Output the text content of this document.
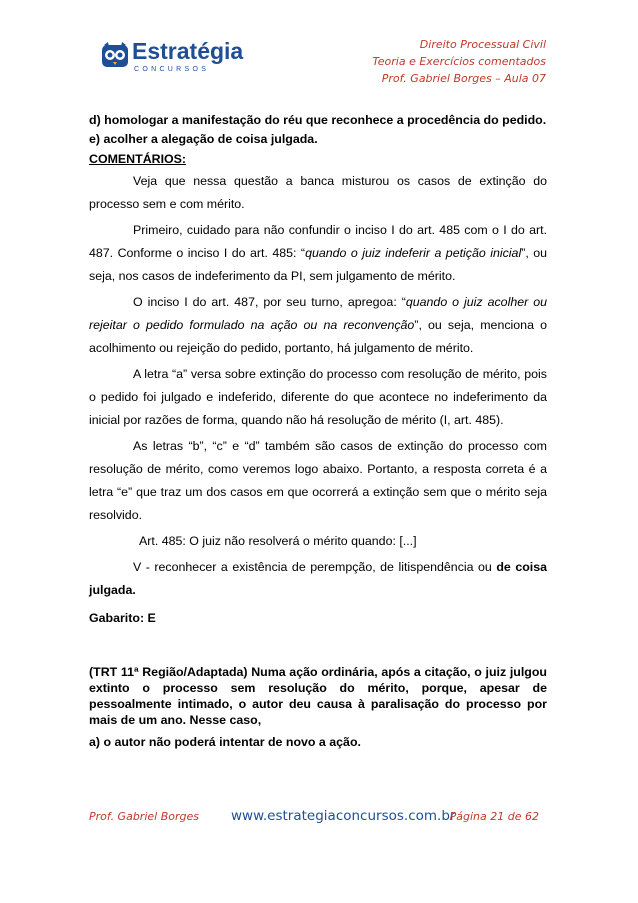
Estratégia
CONCURSOS
Direito Processual Civil
Teoria e Exercícios comentados
Prof. Gabriel Borges – Aula 07

d) homologar a manifestação do réu que reconhece a procedência do pedido.

e) acolher a alegação de coisa julgada.

COMENTÁRIOS:

Veja que nessa questão a banca misturou os casos de extinção do processo sem e com mérito.

Primeiro, cuidado para não confundir o inciso I do art. 485 com o I do art. 487. Conforme o inciso I do art. 485: “quando o juiz indeferir a petição inicial”, ou seja, nos casos de indeferimento da PI, sem julgamento de mérito.

O inciso I do art. 487, por seu turno, apregoa: “quando o juiz acolher ou rejeitar o pedido formulado na ação ou na reconvenção”, ou seja, menciona o acolhimento ou rejeição do pedido, portanto, há julgamento de mérito.

A letra “a” versa sobre extinção do processo com resolução de mérito, pois o pedido foi julgado e indeferido, diferente do que acontece no indeferimento da inicial por razões de forma, quando não há resolução de mérito (I, art. 485).

As letras “b”, “c” e “d” também são casos de extinção do processo com resolução de mérito, como veremos logo abaixo. Portanto, a resposta correta é a letra “e” que traz um dos casos em que ocorrerá a extinção sem que o mérito seja resolvido.

Art. 485: O juiz não resolverá o mérito quando: [...]

V - reconhecer a existência de perempção, de litispendência ou de coisa julgada.

Gabarito: E

(TRT 11ª Região/Adaptada) Numa ação ordinária, após a citação, o juiz julgou extinto o processo sem resolução do mérito, porque, apesar de pessoalmente intimado, o autor deu causa à paralisação do processo por mais de um ano. Nesse caso,

a) o autor não poderá intentar de novo a ação.

Prof. Gabriel Borges www.estrategiaconcursos.com.br
Página 21 de 62
